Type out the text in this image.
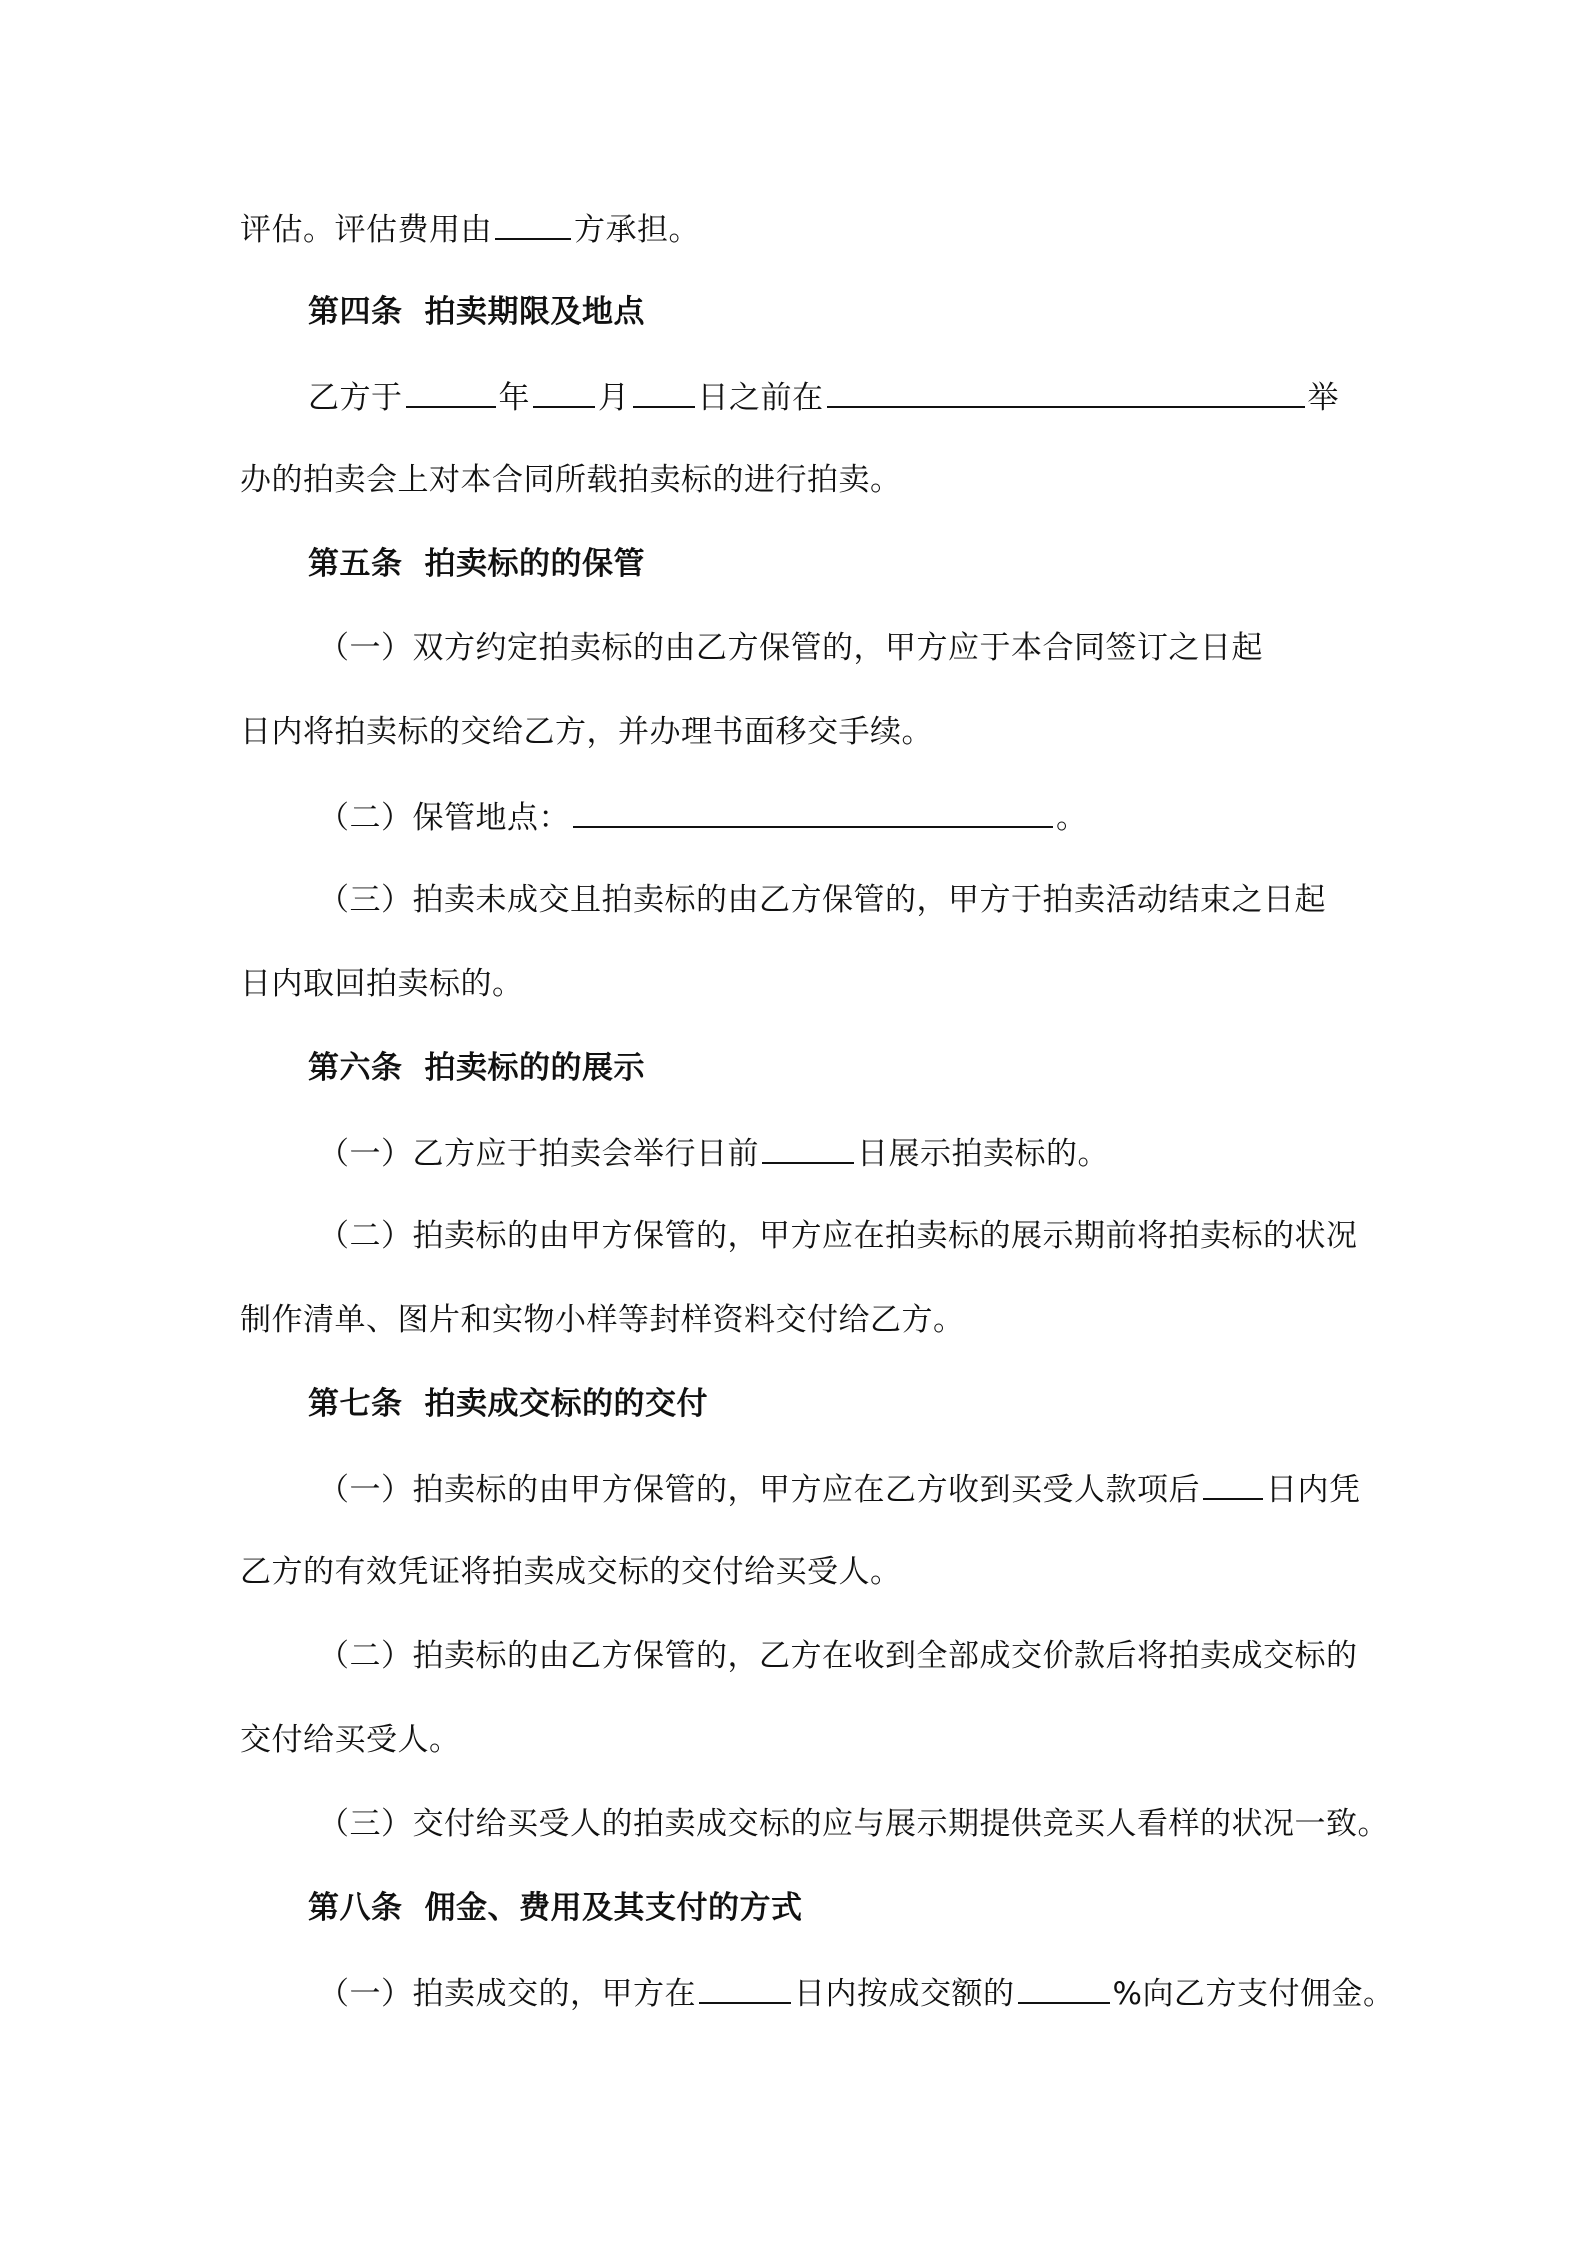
评估。评估费用由	方承担。
第四条 拍卖期限及地点
乙方于	年 月 日之前在	举
办的拍卖会上对本合同所载拍卖标的进行拍卖。
第五条 拍卖标的的保管
（一）双方约定拍卖标的由乙方保管的，甲方应于本合同签订之日起
日内将拍卖标的交给乙方，并办理书面移交手续。
（二）保管地点：	。
（三）拍卖未成交且拍卖标的由乙方保管的，甲方于拍卖活动结束之日起
日内取回拍卖标的。
第六条 拍卖标的的展示
（一）乙方应于拍卖会举行日前	日展示拍卖标的。
（二）拍卖标的由甲方保管的，甲方应在拍卖标的展示期前将拍卖标的状况
制作清单、图片和实物小样等封样资料交付给乙方。
第七条 拍卖成交标的的交付
（一）拍卖标的由甲方保管的，甲方应在乙方收到买受人款项后 日内凭
乙方的有效凭证将拍卖成交标的交付给买受人。
（二）拍卖标的由乙方保管的，乙方在收到全部成交价款后将拍卖成交标的
交付给买受人。
（三）交付给买受人的拍卖成交标的应与展示期提供竞买人看样的状况一致。
第八条 佣金、费用及其支付的方式
（一）拍卖成交的，甲方在	日内按成交额的	%向乙方支付佣金。
